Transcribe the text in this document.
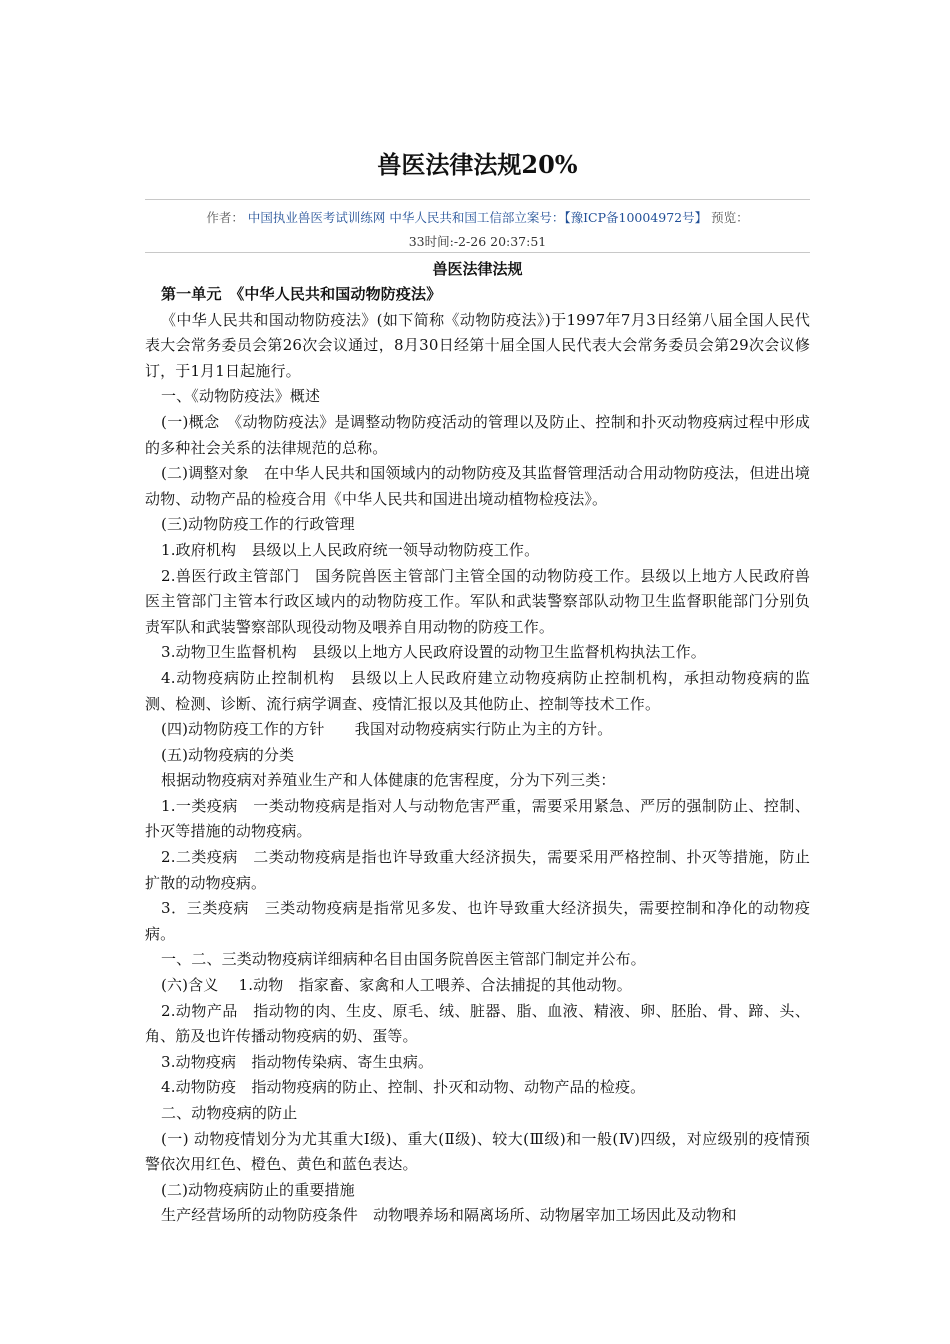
兽医法律法规20%
作者： 中国执业兽医考试训练网 中华人民共和国工信部立案号：【豫ICP备10004972号】 预览：
33时间:-2-26 20:37:51

兽医法律法规

第一单元　《中华人民共和国动物防疫法》

《中华人民共和国动物防疫法》(如下简称《动物防疫法》)于1997年7月3日经第八届全国人民代表大会常务委员会第26次会议通过，8月30日经第十届全国人民代表大会常务委员会第29次会议修订，于1月1日起施行。

一、《动物防疫法》概述

(一)概念　《动物防疫法》是调整动物防疫活动的管理以及防止、控制和扑灭动物疫病过程中形成的多种社会关系的法律规范的总称。

(二)调整对象　在中华人民共和国领域内的动物防疫及其监督管理活动合用动物防疫法，但进出境动物、动物产品的检疫合用《中华人民共和国进出境动植物检疫法》。

(三)动物防疫工作的行政管理

1.政府机构　县级以上人民政府统一领导动物防疫工作。

2.兽医行政主管部门　国务院兽医主管部门主管全国的动物防疫工作。县级以上地方人民政府兽医主管部门主管本行政区域内的动物防疫工作。军队和武装警察部队动物卫生监督职能部门分别负责军队和武装警察部队现役动物及喂养自用动物的防疫工作。

3.动物卫生监督机构　县级以上地方人民政府设置的动物卫生监督机构执法工作。

4.动物疫病防止控制机构　县级以上人民政府建立动物疫病防止控制机构，承担动物疫病的监测、检测、诊断、流行病学调查、疫情汇报以及其他防止、控制等技术工作。

(四)动物防疫工作的方针　　我国对动物疫病实行防止为主的方针。

(五)动物疫病的分类

根据动物疫病对养殖业生产和人体健康的危害程度，分为下列三类：

1.一类疫病　一类动物疫病是指对人与动物危害严重，需要采用紧急、严厉的强制防止、控制、扑灭等措施的动物疫病。

2.二类疫病　二类动物疫病是指也许导致重大经济损失，需要采用严格控制、扑灭等措施，防止扩散的动物疫病。

3．三类疫病　三类动物疫病是指常见多发、也许导致重大经济损失，需要控制和净化的动物疫病。

一、二、三类动物疫病详细病种名目由国务院兽医主管部门制定并公布。

(六)含义　 1.动物　指家畜、家禽和人工喂养、合法捕捉的其他动物。

2.动物产品　指动物的肉、生皮、原毛、绒、脏器、脂、血液、精液、卵、胚胎、骨、蹄、头、角、筋及也许传播动物疫病的奶、蛋等。

3.动物疫病　指动物传染病、寄生虫病。

4.动物防疫　指动物疫病的防止、控制、扑灭和动物、动物产品的检疫。

二、动物疫病的防止

(一) 动物疫情划分为尤其重大Ⅰ级)、重大(Ⅱ级)、较大(Ⅲ级)和一般(Ⅳ)四级，对应级别的疫情预警依次用红色、橙色、黄色和蓝色表达。

(二)动物疫病防止的重要措施

生产经营场所的动物防疫条件　动物喂养场和隔离场所、动物屠宰加工场因此及动物和
